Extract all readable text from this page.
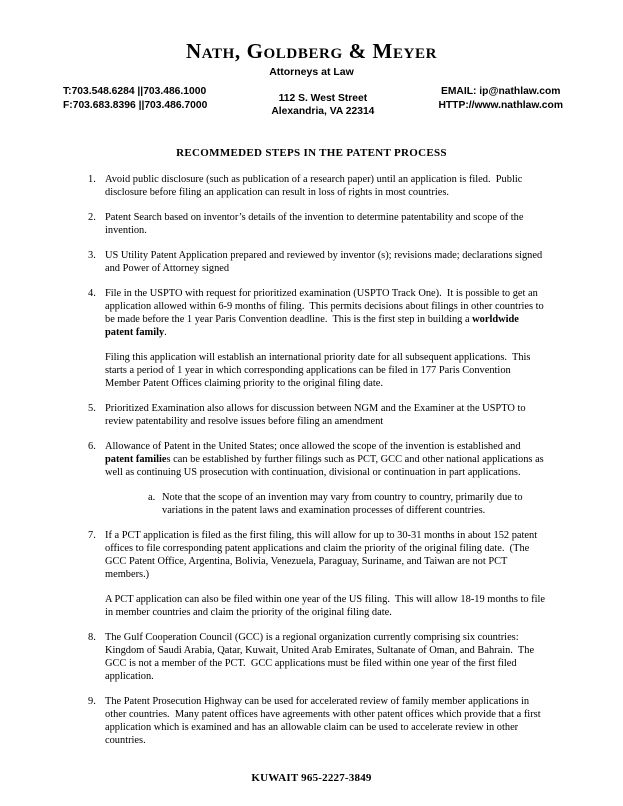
Nath, Goldberg & Meyer
Attorneys at Law
T:703.548.6284 ||703.486.1000
F:703.683.8396 ||703.486.7000
112 S. West Street
Alexandria, VA 22314
EMAIL: ip@nathlaw.com
HTTP://www.nathlaw.com
RECOMMEDED STEPS IN THE PATENT PROCESS
1. Avoid public disclosure (such as publication of a research paper) until an application is filed.  Public disclosure before filing an application can result in loss of rights in most countries.
2. Patent Search based on inventor’s details of the invention to determine patentability and scope of the invention.
3. US Utility Patent Application prepared and reviewed by inventor (s); revisions made; declarations signed and Power of Attorney signed
4. File in the USPTO with request for prioritized examination (USPTO Track One).  It is possible to get an application allowed within 6-9 months of filing.  This permits decisions about filings in other countries to be made before the 1 year Paris Convention deadline.  This is the first step in building a worldwide patent family.
Filing this application will establish an international priority date for all subsequent applications.  This starts a period of 1 year in which corresponding applications can be filed in 177 Paris Convention Member Patent Offices claiming priority to the original filing date.
5. Prioritized Examination also allows for discussion between NGM and the Examiner at the USPTO to review patentability and resolve issues before filing an amendment
6. Allowance of Patent in the United States; once allowed the scope of the invention is established and patent families can be established by further filings such as PCT, GCC and other national applications as well as continuing US prosecution with continuation, divisional or continuation in part applications.
a. Note that the scope of an invention may vary from country to country, primarily due to variations in the patent laws and examination processes of different countries.
7. If a PCT application is filed as the first filing, this will allow for up to 30-31 months in about 152 patent offices to file corresponding patent applications and claim the priority of the original filing date.  (The GCC Patent Office, Argentina, Bolivia, Venezuela, Paraguay, Suriname, and Taiwan are not PCT members.)
A PCT application can also be filed within one year of the US filing.  This will allow 18-19 months to file in member countries and claim the priority of the original filing date.
8. The Gulf Cooperation Council (GCC) is a regional organization currently comprising six countries: Kingdom of Saudi Arabia, Qatar, Kuwait, United Arab Emirates, Sultanate of Oman, and Bahrain.  The GCC is not a member of the PCT.  GCC applications must be filed within one year of the first filed application.
9. The Patent Prosecution Highway can be used for accelerated review of family member applications in other countries.  Many patent offices have agreements with other patent offices which provide that a first application which is examined and has an allowable claim can be used to accelerate review in other countries.
KUWAIT 965-2227-3849
